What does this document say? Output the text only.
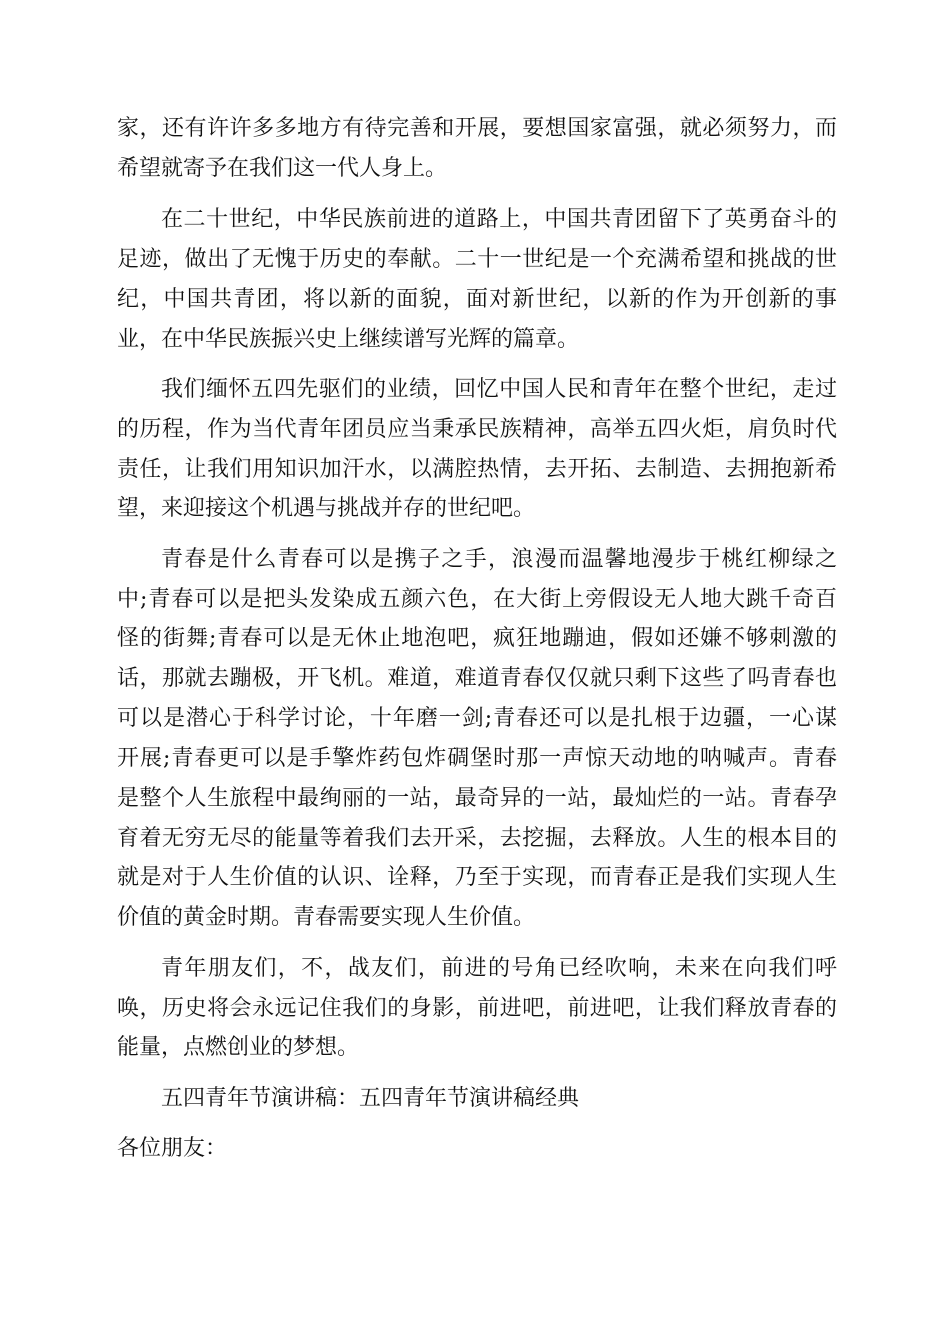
家，还有许许多多地方有待完善和开展，要想国家富强，就必须努力，而
希望就寄予在我们这一代人身上。
在二十世纪，中华民族前进的道路上，中国共青团留下了英勇奋斗的
足迹，做出了无愧于历史的奉献。二十一世纪是一个充满希望和挑战的世
纪，中国共青团，将以新的面貌，面对新世纪，以新的作为开创新的事
业，在中华民族振兴史上继续谱写光辉的篇章。
我们缅怀五四先驱们的业绩，回忆中国人民和青年在整个世纪，走过
的历程，作为当代青年团员应当秉承民族精神，高举五四火炬，肩负时代
责任，让我们用知识加汗水，以满腔热情，去开拓、去制造、去拥抱新希
望，来迎接这个机遇与挑战并存的世纪吧。
青春是什么青春可以是携子之手，浪漫而温馨地漫步于桃红柳绿之
中;青春可以是把头发染成五颜六色，在大街上旁假设无人地大跳千奇百
怪的街舞;青春可以是无休止地泡吧，疯狂地蹦迪，假如还嫌不够刺激的
话，那就去蹦极，开飞机。难道，难道青春仅仅就只剩下这些了吗青春也
可以是潜心于科学讨论，十年磨一剑;青春还可以是扎根于边疆，一心谋
开展;青春更可以是手擎炸药包炸碉堡时那一声惊天动地的呐喊声。青春
是整个人生旅程中最绚丽的一站，最奇异的一站，最灿烂的一站。青春孕
育着无穷无尽的能量等着我们去开采，去挖掘，去释放。人生的根本目的
就是对于人生价值的认识、诠释，乃至于实现，而青春正是我们实现人生
价值的黄金时期。青春需要实现人生价值。
青年朋友们，不，战友们，前进的号角已经吹响，未来在向我们呼
唤，历史将会永远记住我们的身影，前进吧，前进吧，让我们释放青春的
能量，点燃创业的梦想。
五四青年节演讲稿：五四青年节演讲稿经典
各位朋友：
